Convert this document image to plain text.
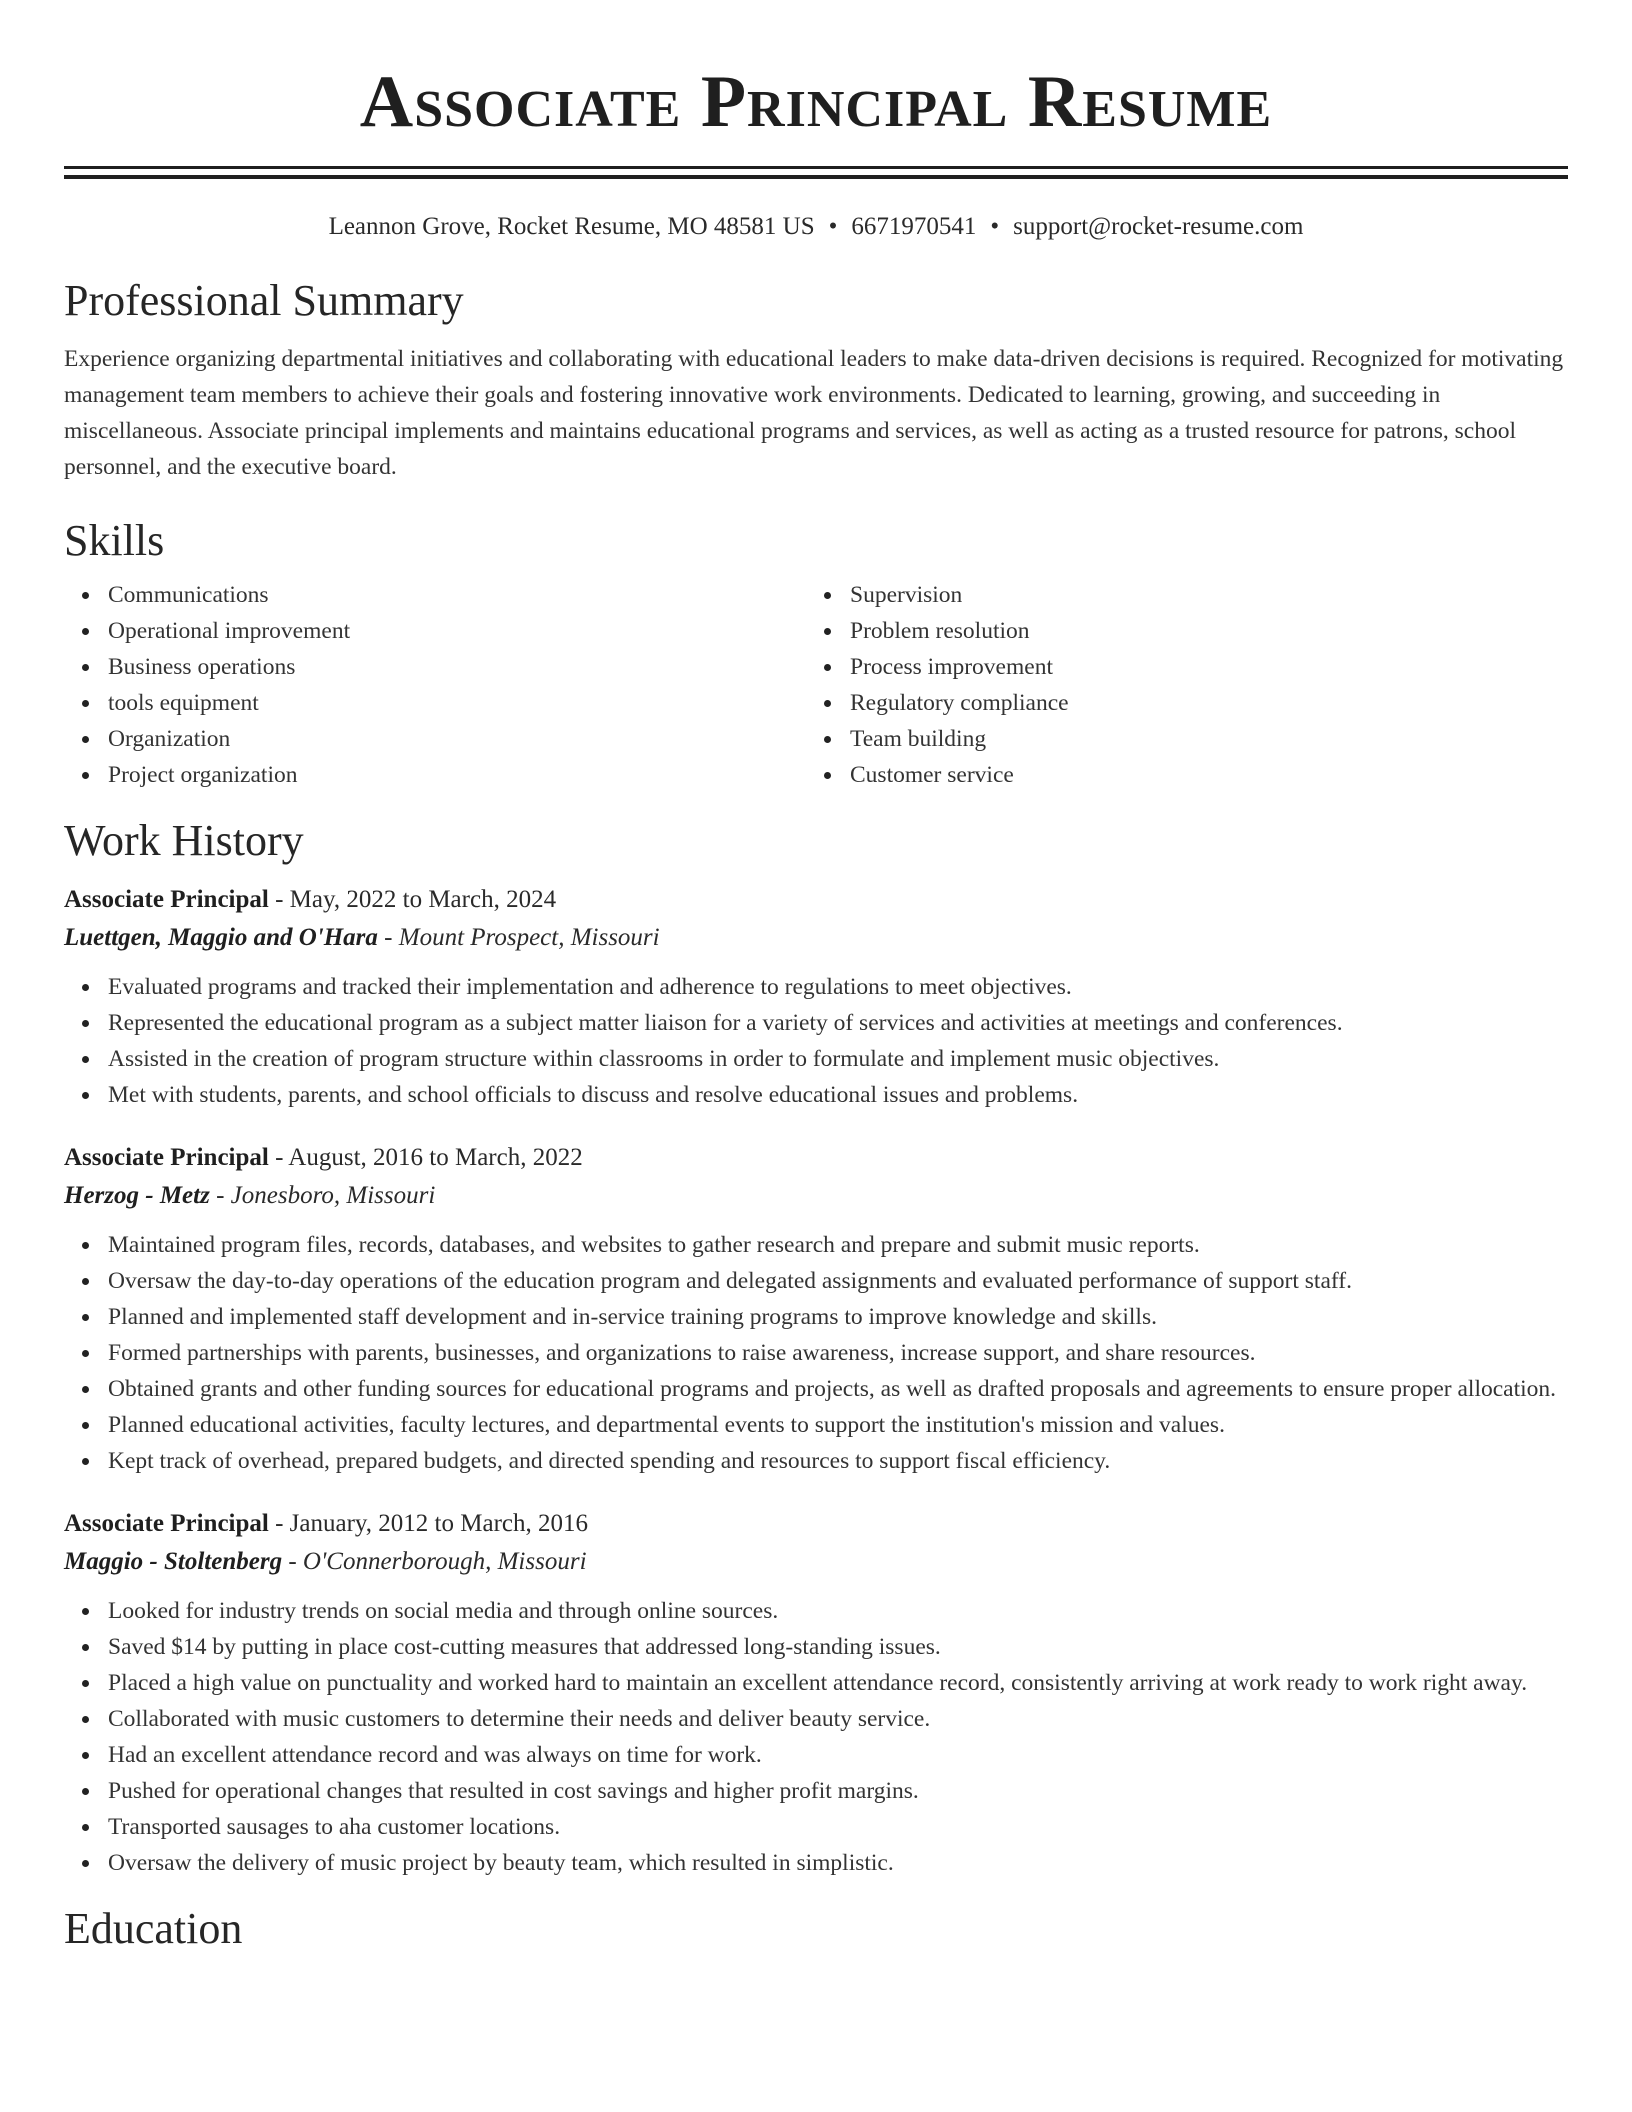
Associate Principal Resume
Leannon Grove, Rocket Resume, MO 48581 US • 6671970541 • support@rocket-resume.com
Professional Summary
Experience organizing departmental initiatives and collaborating with educational leaders to make data-driven decisions is required. Recognized for motivating management team members to achieve their goals and fostering innovative work environments. Dedicated to learning, growing, and succeeding in miscellaneous. Associate principal implements and maintains educational programs and services, as well as acting as a trusted resource for patrons, school personnel, and the executive board.
Skills
Communications
Operational improvement
Business operations
tools equipment
Organization
Project organization
Supervision
Problem resolution
Process improvement
Regulatory compliance
Team building
Customer service
Work History
Associate Principal - May, 2022 to March, 2024
Luettgen, Maggio and O'Hara - Mount Prospect, Missouri
Evaluated programs and tracked their implementation and adherence to regulations to meet objectives.
Represented the educational program as a subject matter liaison for a variety of services and activities at meetings and conferences.
Assisted in the creation of program structure within classrooms in order to formulate and implement music objectives.
Met with students, parents, and school officials to discuss and resolve educational issues and problems.
Associate Principal - August, 2016 to March, 2022
Herzog - Metz - Jonesboro, Missouri
Maintained program files, records, databases, and websites to gather research and prepare and submit music reports.
Oversaw the day-to-day operations of the education program and delegated assignments and evaluated performance of support staff.
Planned and implemented staff development and in-service training programs to improve knowledge and skills.
Formed partnerships with parents, businesses, and organizations to raise awareness, increase support, and share resources.
Obtained grants and other funding sources for educational programs and projects, as well as drafted proposals and agreements to ensure proper allocation.
Planned educational activities, faculty lectures, and departmental events to support the institution's mission and values.
Kept track of overhead, prepared budgets, and directed spending and resources to support fiscal efficiency.
Associate Principal - January, 2012 to March, 2016
Maggio - Stoltenberg - O'Connerborough, Missouri
Looked for industry trends on social media and through online sources.
Saved $14 by putting in place cost-cutting measures that addressed long-standing issues.
Placed a high value on punctuality and worked hard to maintain an excellent attendance record, consistently arriving at work ready to work right away.
Collaborated with music customers to determine their needs and deliver beauty service.
Had an excellent attendance record and was always on time for work.
Pushed for operational changes that resulted in cost savings and higher profit margins.
Transported sausages to aha customer locations.
Oversaw the delivery of music project by beauty team, which resulted in simplistic.
Education
